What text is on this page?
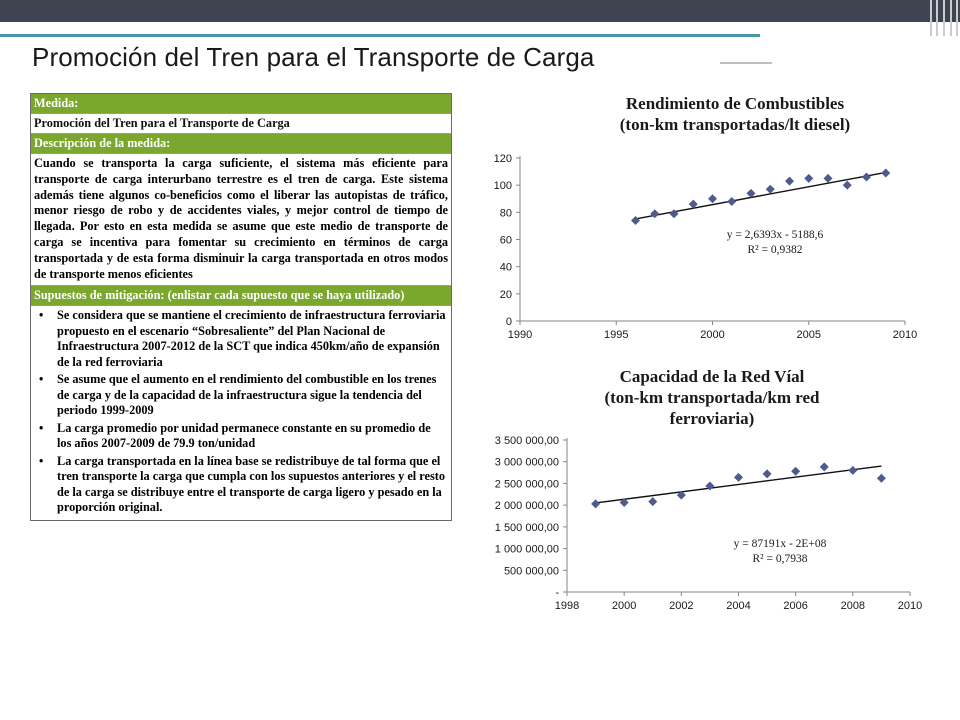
Promoción del Tren para el Transporte de Carga
Medida:
Promoción del Tren para el Transporte de Carga
Descripción de la medida:
Cuando se transporta la carga suficiente, el sistema más eficiente para transporte de carga interurbano terrestre es el tren de carga. Este sistema además tiene algunos co-beneficios como el liberar las autopistas de tráfico, menor riesgo de robo y de accidentes viales, y mejor control de tiempo de llegada. Por esto en esta medida se asume que este medio de transporte de carga se incentiva para fomentar su crecimiento en términos de carga transportada y de esta forma disminuir la carga transportada en otros modos de transporte menos eficientes
Supuestos de mitigación: (enlistar cada supuesto que se haya utilizado)
• Se considera que se mantiene el crecimiento de infraestructura ferroviaria propuesto en el escenario “Sobresaliente” del Plan Nacional de Infraestructura 2007-2012 de la SCT que indica 450km/año de expansión de la red ferroviaria
• Se asume que el aumento en el rendimiento del combustible en los trenes de carga y de la capacidad de la infraestructura sigue la tendencia del periodo 1999-2009
• La carga promedio por unidad permanece constante en su promedio de los años 2007-2009 de 79.9 ton/unidad
• La carga transportada en la línea base se redistribuye de tal forma que el tren transporte la carga que cumpla con los supuestos anteriores y el resto de la carga se distribuye entre el transporte de carga ligero y pesado en la proporción original.
Rendimiento de Combustibles
(ton-km transportadas/lt diesel)
0
20
40
60
80
100
120
1990	1995	2000	2005	2010
y = 2,6393x - 5188,6
R² = 0,9382
Capacidad de la Red Víal
(ton-km transportada/km red
ferroviaria)
-
500 000,00
1 000 000,00
1 500 000,00
2 000 000,00
2 500 000,00
3 000 000,00
3 500 000,00
1998	2000	2002	2004	2006	2008	2010
y = 87191x - 2E+08
R² = 0,7938
